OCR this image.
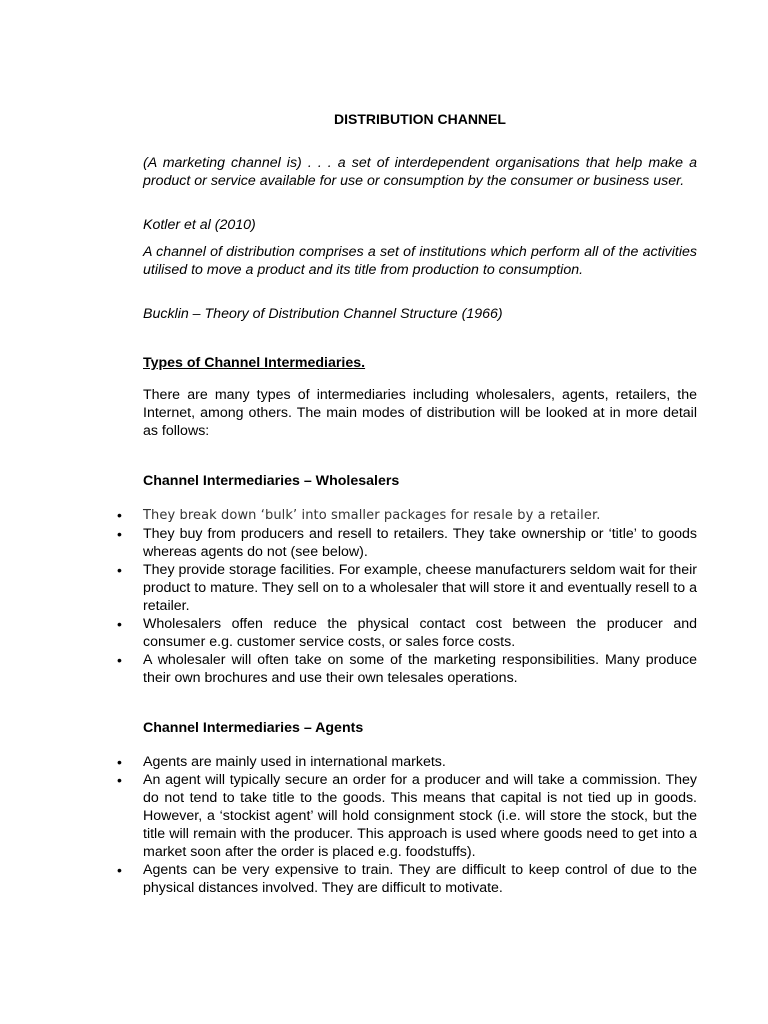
DISTRIBUTION CHANNEL

(A marketing channel is) . . . a set of interdependent organisations that help make a product or service available for use or consumption by the consumer or business user.

Kotler et al (2010)

A channel of distribution comprises a set of institutions which perform all of the activities utilised to move a product and its title from production to consumption.

Bucklin – Theory of Distribution Channel Structure (1966)

Types of Channel Intermediaries.

There are many types of intermediaries including wholesalers, agents, retailers, the Internet, among others. The main modes of distribution will be looked at in more detail as follows:

Channel Intermediaries – Wholesalers

• They break down ‘bulk’ into smaller packages for resale by a retailer.
• They buy from producers and resell to retailers. They take ownership or ‘title’ to goods whereas agents do not (see below).
• They provide storage facilities. For example, cheese manufacturers seldom wait for their product to mature. They sell on to a wholesaler that will store it and eventually resell to a retailer.
• Wholesalers offen reduce the physical contact cost between the producer and consumer e.g. customer service costs, or sales force costs.
• A wholesaler will often take on some of the marketing responsibilities. Many produce their own brochures and use their own telesales operations.

Channel Intermediaries – Agents

• Agents are mainly used in international markets.
• An agent will typically secure an order for a producer and will take a commission. They do not tend to take title to the goods. This means that capital is not tied up in goods. However, a ‘stockist agent’ will hold consignment stock (i.e. will store the stock, but the title will remain with the producer. This approach is used where goods need to get into a market soon after the order is placed e.g. foodstuffs).
• Agents can be very expensive to train. They are difficult to keep control of due to the physical distances involved. They are difficult to motivate.
